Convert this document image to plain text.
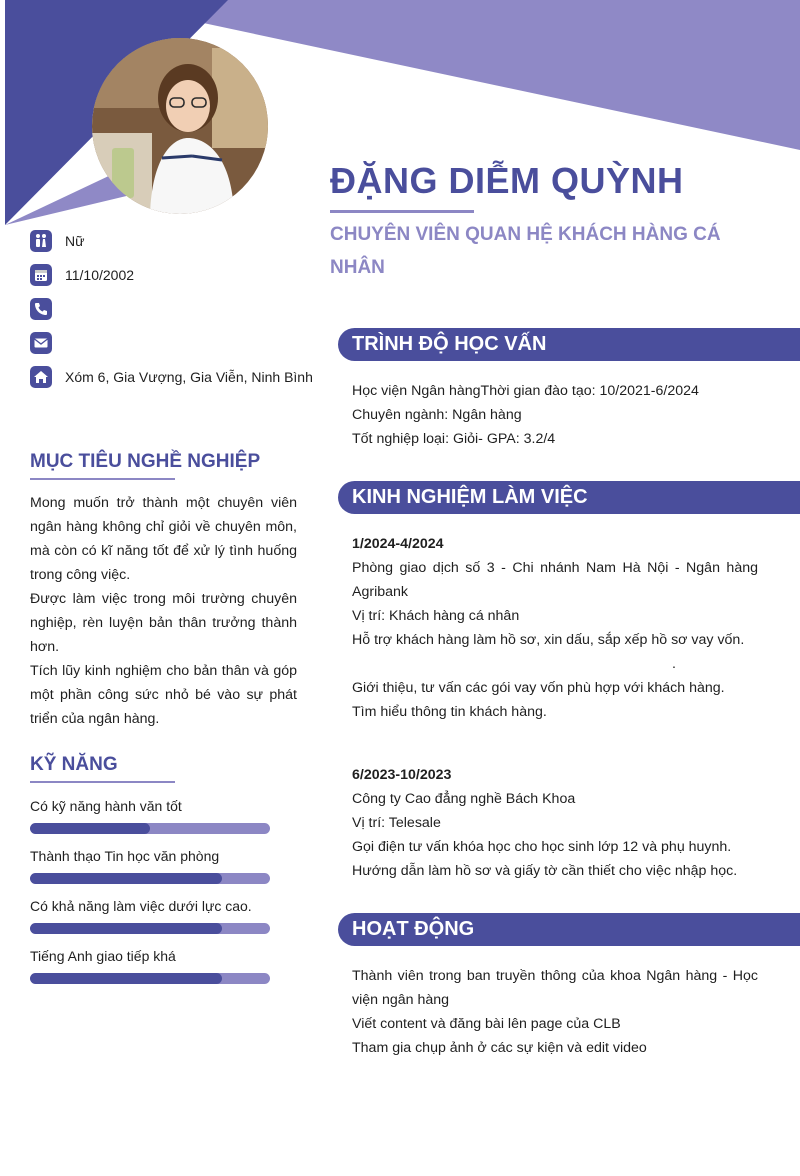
ĐẶNG DIỄM QUỲNH
CHUYÊN VIÊN QUAN HỆ KHÁCH HÀNG CÁ NHÂN
Nữ
11/10/2002
Xóm 6, Gia Vượng, Gia Viễn, Ninh Bình
MỤC TIÊU NGHỀ NGHIỆP

Mong muốn trở thành một chuyên viên ngân hàng không chỉ giỏi về chuyên môn, mà còn có kĩ năng tốt để xử lý tình huống trong công việc.

Được làm việc trong môi trường chuyên nghiệp, rèn luyện bản thân trưởng thành hơn.

Tích lũy kinh nghiệm cho bản thân và góp một phần công sức nhỏ bé vào sự phát triển của ngân hàng.

KỸ NĂNG
Có kỹ năng hành văn tốt
Thành thạo Tin học văn phòng
Có khả năng làm việc dưới lực cao.
Tiếng Anh giao tiếp khá
TRÌNH ĐỘ HỌC VẤN

Học viện Ngân hàngThời gian đào tạo: 10/2021-6/2024

Chuyên ngành: Ngân hàng

Tốt nghiệp loại: Giỏi- GPA: 3.2/4

KINH NGHIỆM LÀM VIỆC

1/2024-4/2024

Phòng giao dịch số 3 - Chi nhánh Nam Hà Nội - Ngân hàng Agribank

Vị trí: Khách hàng cá nhân

Hỗ trợ khách hàng làm hồ sơ, xin dấu, sắp xếp hồ sơ vay vốn.

.

Giới thiệu, tư vấn các gói vay vốn phù hợp với khách hàng.

Tìm hiểu thông tin khách hàng.

6/2023-10/2023

Công ty Cao đẳng nghề Bách Khoa

Vị trí: Telesale

Gọi điện tư vấn khóa học cho học sinh lớp 12 và phụ huynh.

Hướng dẫn làm hồ sơ và giấy tờ cần thiết cho việc nhập học.

HOẠT ĐỘNG

Thành viên trong ban truyền thông của khoa Ngân hàng - Học viện ngân hàng

Viết content và đăng bài lên page của CLB

Tham gia chụp ảnh ở các sự kiện và edit video
